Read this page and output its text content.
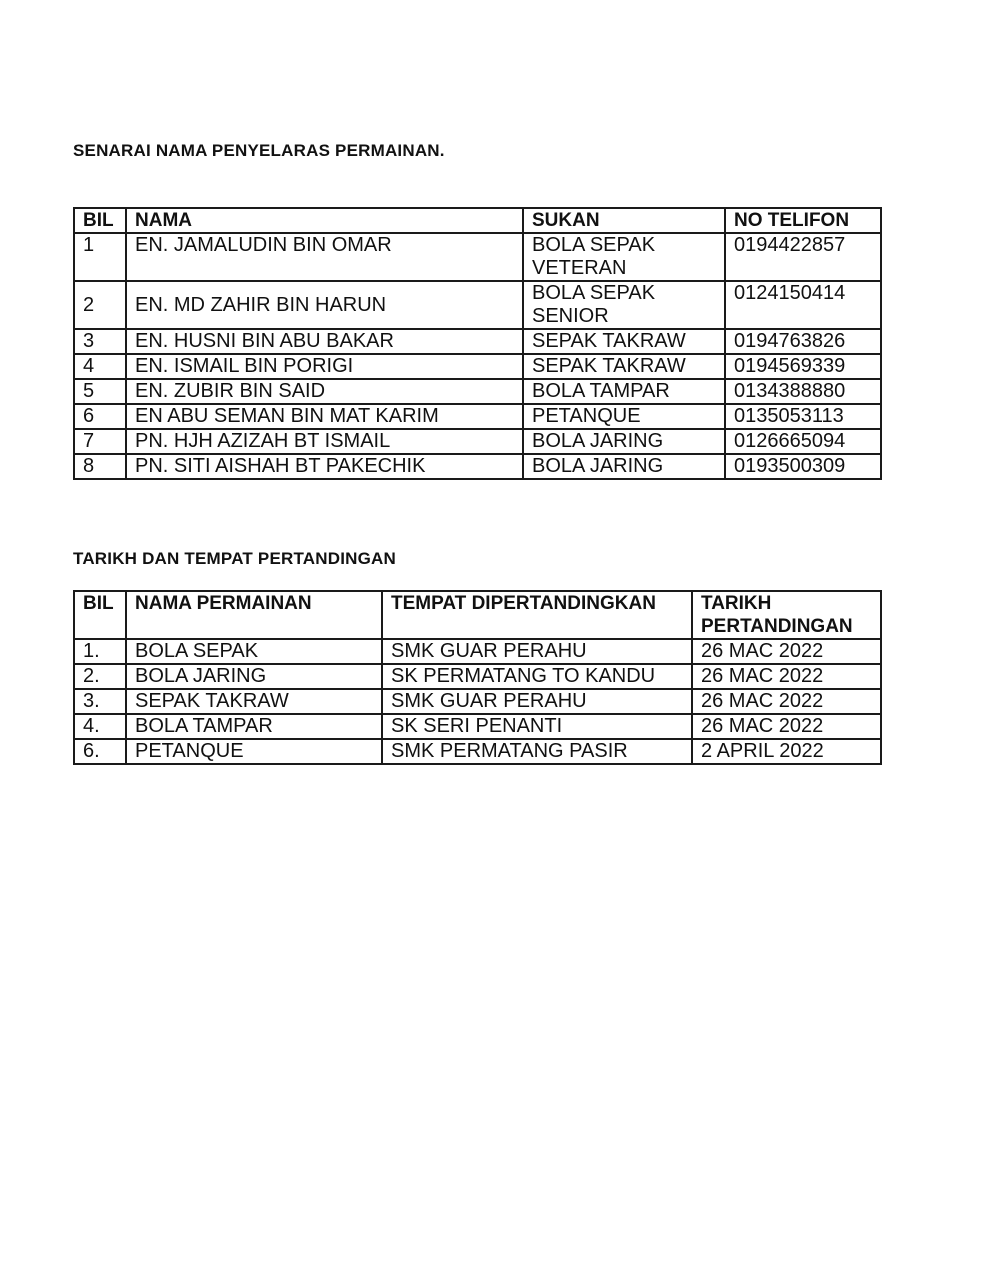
SENARAI NAMA PENYELARAS PERMAINAN.
BIL	NAMA	SUKAN	NO TELIFON
1	EN. JAMALUDIN BIN OMAR	BOLA SEPAK VETERAN	0194422857
2	EN. MD ZAHIR BIN HARUN	BOLA SEPAK SENIOR	0124150414
3	EN. HUSNI BIN ABU BAKAR	SEPAK TAKRAW	0194763826
4	EN. ISMAIL BIN PORIGI	SEPAK TAKRAW	0194569339
5	EN. ZUBIR BIN SAID	BOLA TAMPAR	0134388880
6	EN ABU SEMAN BIN MAT KARIM	PETANQUE	0135053113
7	PN. HJH AZIZAH BT ISMAIL	BOLA JARING	0126665094
8	PN. SITI AISHAH BT PAKECHIK	BOLA JARING	0193500309
TARIKH DAN TEMPAT PERTANDINGAN
BIL	NAMA PERMAINAN	TEMPAT DIPERTANDINGKAN	TARIKH PERTANDINGAN
1.	BOLA SEPAK	SMK GUAR PERAHU	26 MAC 2022
2.	BOLA JARING	SK PERMATANG TO KANDU	26 MAC 2022
3.	SEPAK TAKRAW	SMK GUAR PERAHU	26 MAC 2022
4.	BOLA TAMPAR	SK SERI PENANTI	26 MAC 2022
6.	PETANQUE	SMK PERMATANG PASIR	2 APRIL 2022
